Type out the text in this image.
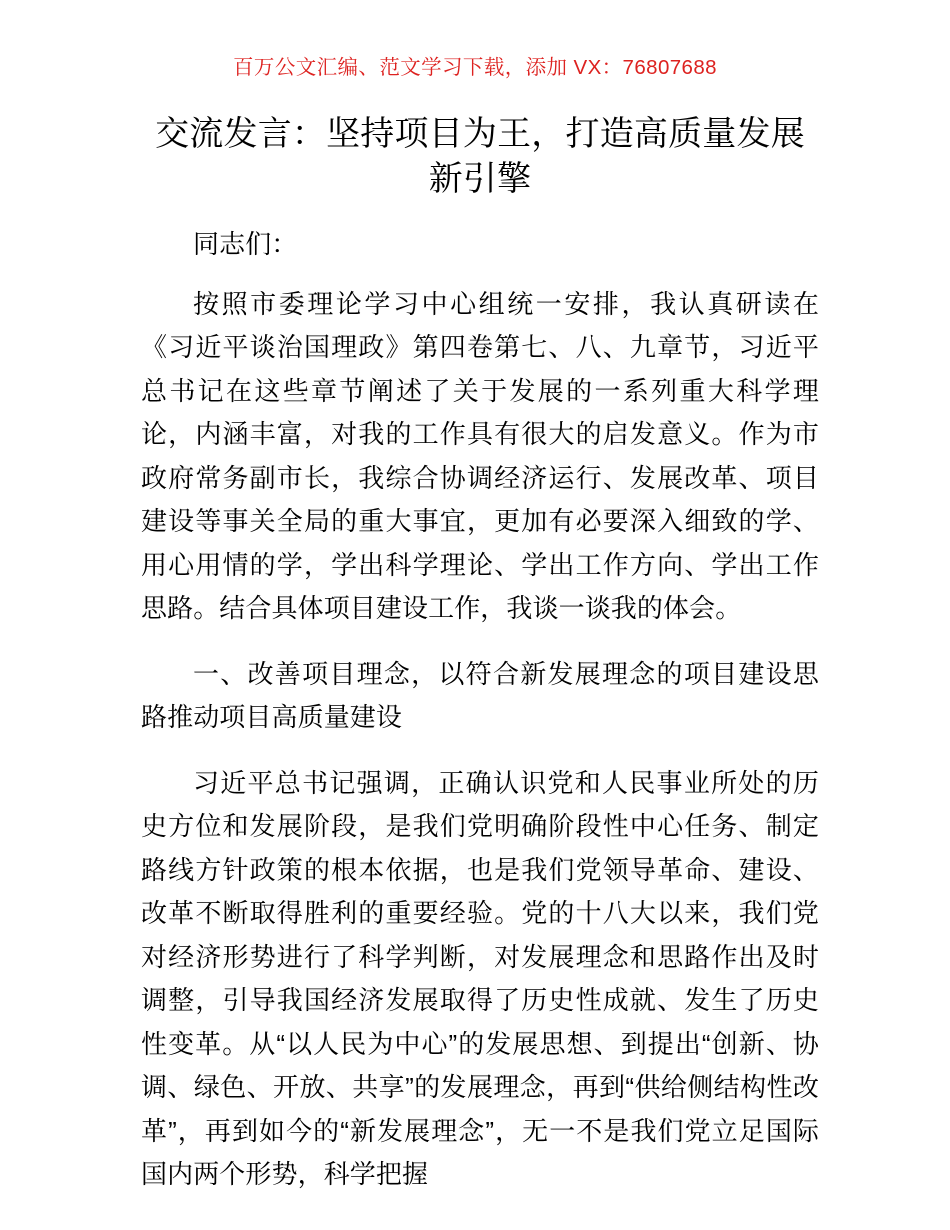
百万公文汇编、范文学习下载，添加 VX：76807688
交流发言：坚持项目为王，打造高质量发展新引擎

同志们：

按照市委理论学习中心组统一安排，我认真研读在《习近平谈治国理政》第四卷第七、八、九章节，习近平总书记在这些章节阐述了关于发展的一系列重大科学理论，内涵丰富，对我的工作具有很大的启发意义。作为市政府常务副市长，我综合协调经济运行、发展改革、项目建设等事关全局的重大事宜，更加有必要深入细致的学、用心用情的学，学出科学理论、学出工作方向、学出工作思路。结合具体项目建设工作，我谈一谈我的体会。

一、改善项目理念，以符合新发展理念的项目建设思路推动项目高质量建设

习近平总书记强调，正确认识党和人民事业所处的历史方位和发展阶段，是我们党明确阶段性中心任务、制定路线方针政策的根本依据，也是我们党领导革命、建设、改革不断取得胜利的重要经验。党的十八大以来，我们党对经济形势进行了科学判断，对发展理念和思路作出及时调整，引导我国经济发展取得了历史性成就、发生了历史性变革。从“以人民为中心”的发展思想、到提出“创新、协调、绿色、开放、共享”的发展理念，再到“供给侧结构性改革”，再到如今的“新发展理念”，无一不是我们党立足国际国内两个形势，科学把握
